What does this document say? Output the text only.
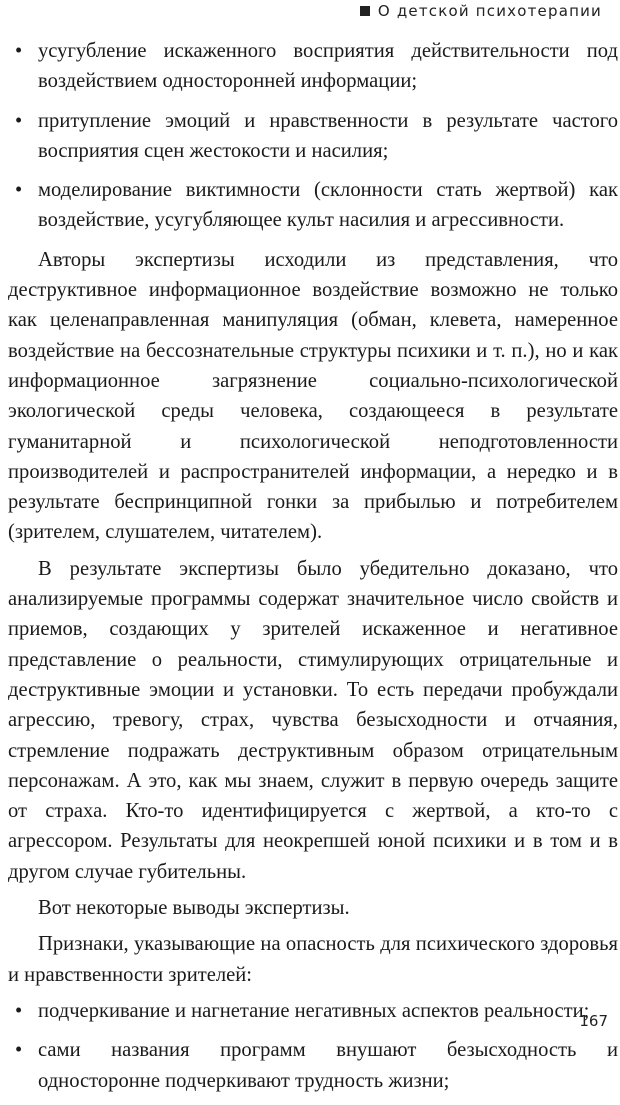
О детской психотерапии

• усугубление искаженного восприятия действительности под воздействием односторонней информации;

• притупление эмоций и нравственности в результате частого восприятия сцен жестокости и насилия;

• моделирование виктимности (склонности стать жертвой) как воздействие, усугубляющее культ насилия и агрессивности.

Авторы экспертизы исходили из представления, что деструктивное информационное воздействие возможно не только как целенаправленная манипуляция (обман, клевета, намеренное воздействие на бессознательные структуры психики и т. п.), но и как информационное загрязнение социально-психологической экологической среды человека, создающееся в результате гуманитарной и психологической неподготовленности производителей и распространителей информации, а нередко и в результате беспринципной гонки за прибылью и потребителем (зрителем, слушателем, читателем).

В результате экспертизы было убедительно доказано, что анализируемые программы содержат значительное число свойств и приемов, создающих у зрителей искаженное и негативное представление о реальности, стимулирующих отрицательные и деструктивные эмоции и установки. То есть передачи пробуждали агрессию, тревогу, страх, чувства безысходности и отчаяния, стремление подражать деструктивным образом отрицательным персонажам. А это, как мы знаем, служит в первую очередь защите от страха. Кто-то идентифицируется с жертвой, а кто-то с агрессором. Результаты для неокрепшей юной психики и в том и в другом случае губительны.

Вот некоторые выводы экспертизы.

Признаки, указывающие на опасность для психического здоровья и нравственности зрителей:

• подчеркивание и нагнетание негативных аспектов реальности;

• сами названия программ внушают безысходность и односторонне подчеркивают трудность жизни;

167
